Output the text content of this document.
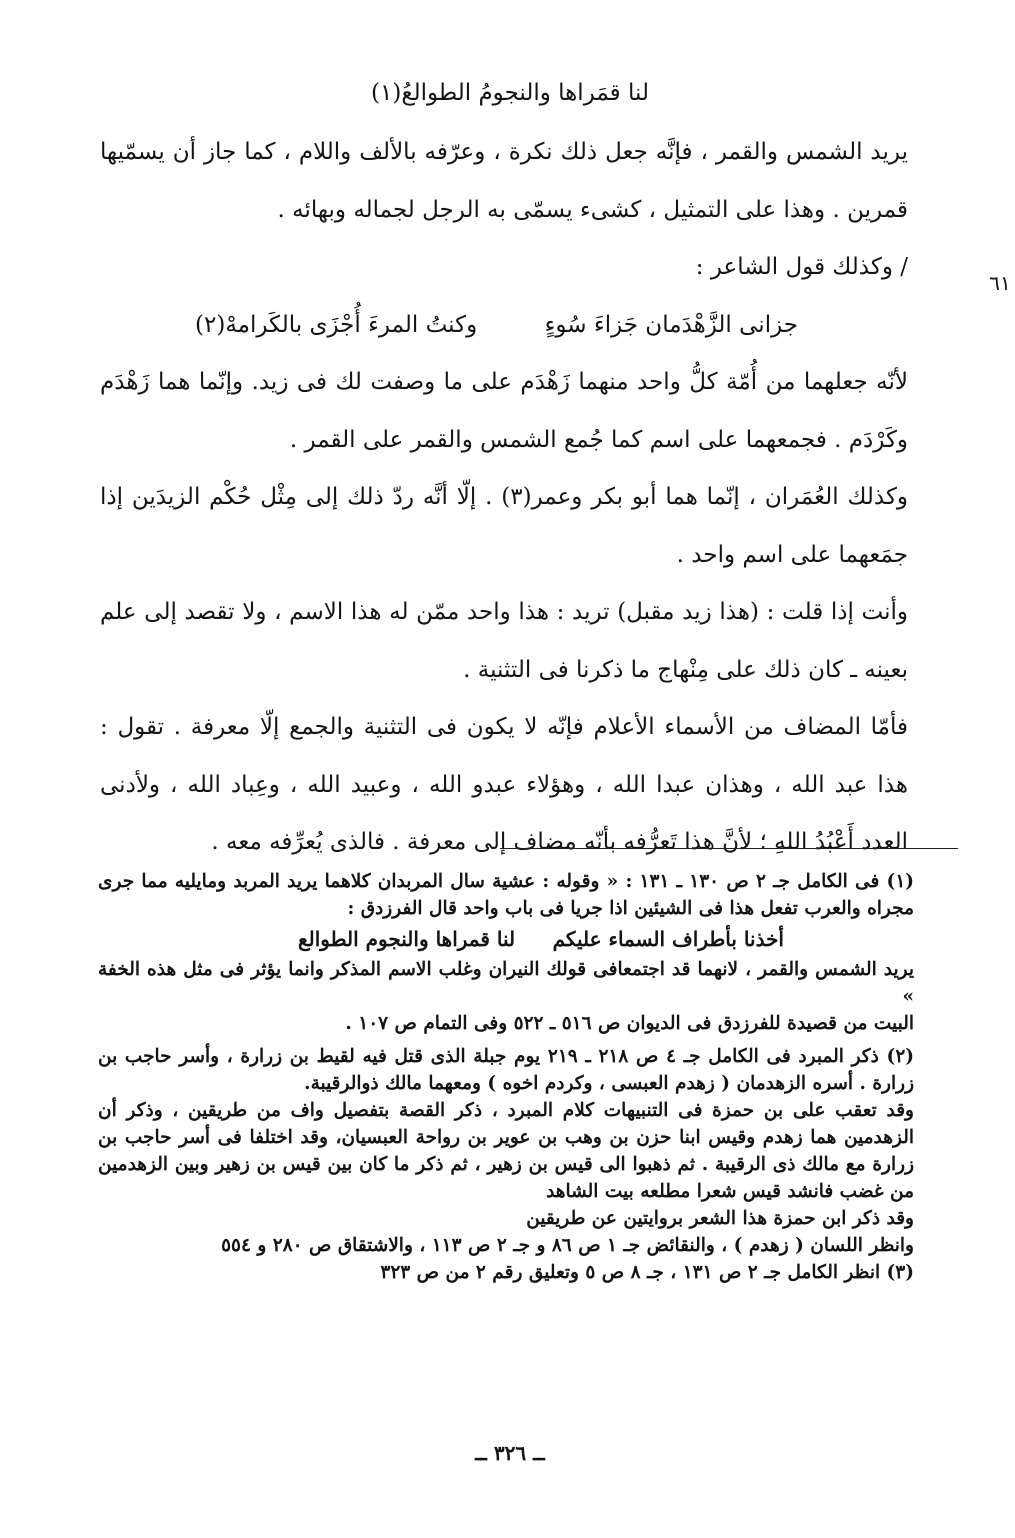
لنا قمَراها والنجومُ الطوالعُ(١)
٦١

يريد الشمس والقمر ، فإنَّه جعل ذلك نكرة ، وعرّفه بالألف واللام ، كما جاز أن يسمّيها قمرين . وهذا على التمثيل ، كشىء يسمّى به الرجل لجماله وبهائه .

/ وكذلك قول الشاعر :

جزانى الزَّهْدَمان جَزاءَ سُوءٍ
وكنتُ المرءَ أُجْزَى بالكَرامهْ(٢)

لأنّه جعلهما من أُمّة كلُّ واحد منهما زَهْدَم على ما وصفت لك فى زيد. وإنّما هما زَهْدَم وكَرْدَم . فجمعهما على اسم كما جُمع الشمس والقمر على القمر .

وكذلك العُمَران ، إنّما هما أبو بكر وعمر(٣) . إلّا أنَّه ردّ ذلك إلى مِثْل حُكْم الزيدَين إذا جمَعهما على اسم واحد .

وأنت إذا قلت : (هذا زيد مقبل) تريد : هذا واحد ممّن له هذا الاسم ، ولا تقصد إلى علم بعينه ـ كان ذلك على مِنْهاج ما ذكرنا فى التثنية .

فأمّا المضاف من الأسماء الأعلام فإنّه لا يكون فى التثنية والجمع إلّا معرفة . تقول : هذا عبد الله ، وهذان عبدا الله ، وهؤلاء عبدو الله ، وعبيد الله ، وعِباد الله ، ولأدنى العدد أَعْبُدُ اللهِ ؛ لأنَّ هذا تَعرُّفه بأنّه مضاف إلى معرفة . فالذى يُعرِّفه معه .

(١) فى الكامل جـ ٢ ص ١٣٠ ـ ١٣١ : « وقوله : عشية سال المربدان كلاهما يريد المربد ومايليه مما جرى مجراه والعرب تفعل هذا فى الشيئين اذا جريا فى باب واحد قال الفرزدق :

أخذنا بأطراف السماء عليكم
لنا قمراها والنجوم الطوالع

يريد الشمس والقمر ، لانهما قد اجتمعافى قولك النيران وغلب الاسم المذكر وانما يؤثر فى مثل هذه الخفة »

البيت من قصيدة للفرزدق فى الديوان ص ٥١٦ ـ ٥٢٢ وفى التمام ص ١٠٧ .

(٢) ذكر المبرد فى الكامل جـ ٤ ص ٢١٨ ـ ٢١٩ يوم جبلة الذى قتل فيه لقيط بن زرارة ، وأسر حاجب بن زرارة . أسره الزهدمان ( زهدم العبسى ، وكردم اخوه ) ومعهما مالك ذوالرقيبة.

وقد تعقب على بن حمزة فى التنبيهات كلام المبرد ، ذكر القصة بتفصيل واف من طريقين ، وذكر أن الزهدمين هما زهدم وقيس ابنا حزن بن وهب بن عوير بن رواحة العبسيان، وقد اختلفا فى أسر حاجب بن زرارة مع مالك ذى الرقيبة . ثم ذهبوا الى قيس بن زهير ، ثم ذكر ما كان بين قيس بن زهير وبين الزهدمين من غضب فانشد قيس شعرا مطلعه بيت الشاهد

وقد ذكر ابن حمزة هذا الشعر بروايتين عن طريقين

وانظر اللسان ( زهدم ) ، والنقائض جـ ١ ص ٨٦ و جـ ٢ ص ١١٣ ، والاشتقاق ص ٢٨٠ و ٥٥٤

(٣) انظر الكامل جـ ٢ ص ١٣١ ، جـ ٨ ص ٥ وتعليق رقم ٢ من ص ٣٢٣

ــ ٣٢٦ ــ
